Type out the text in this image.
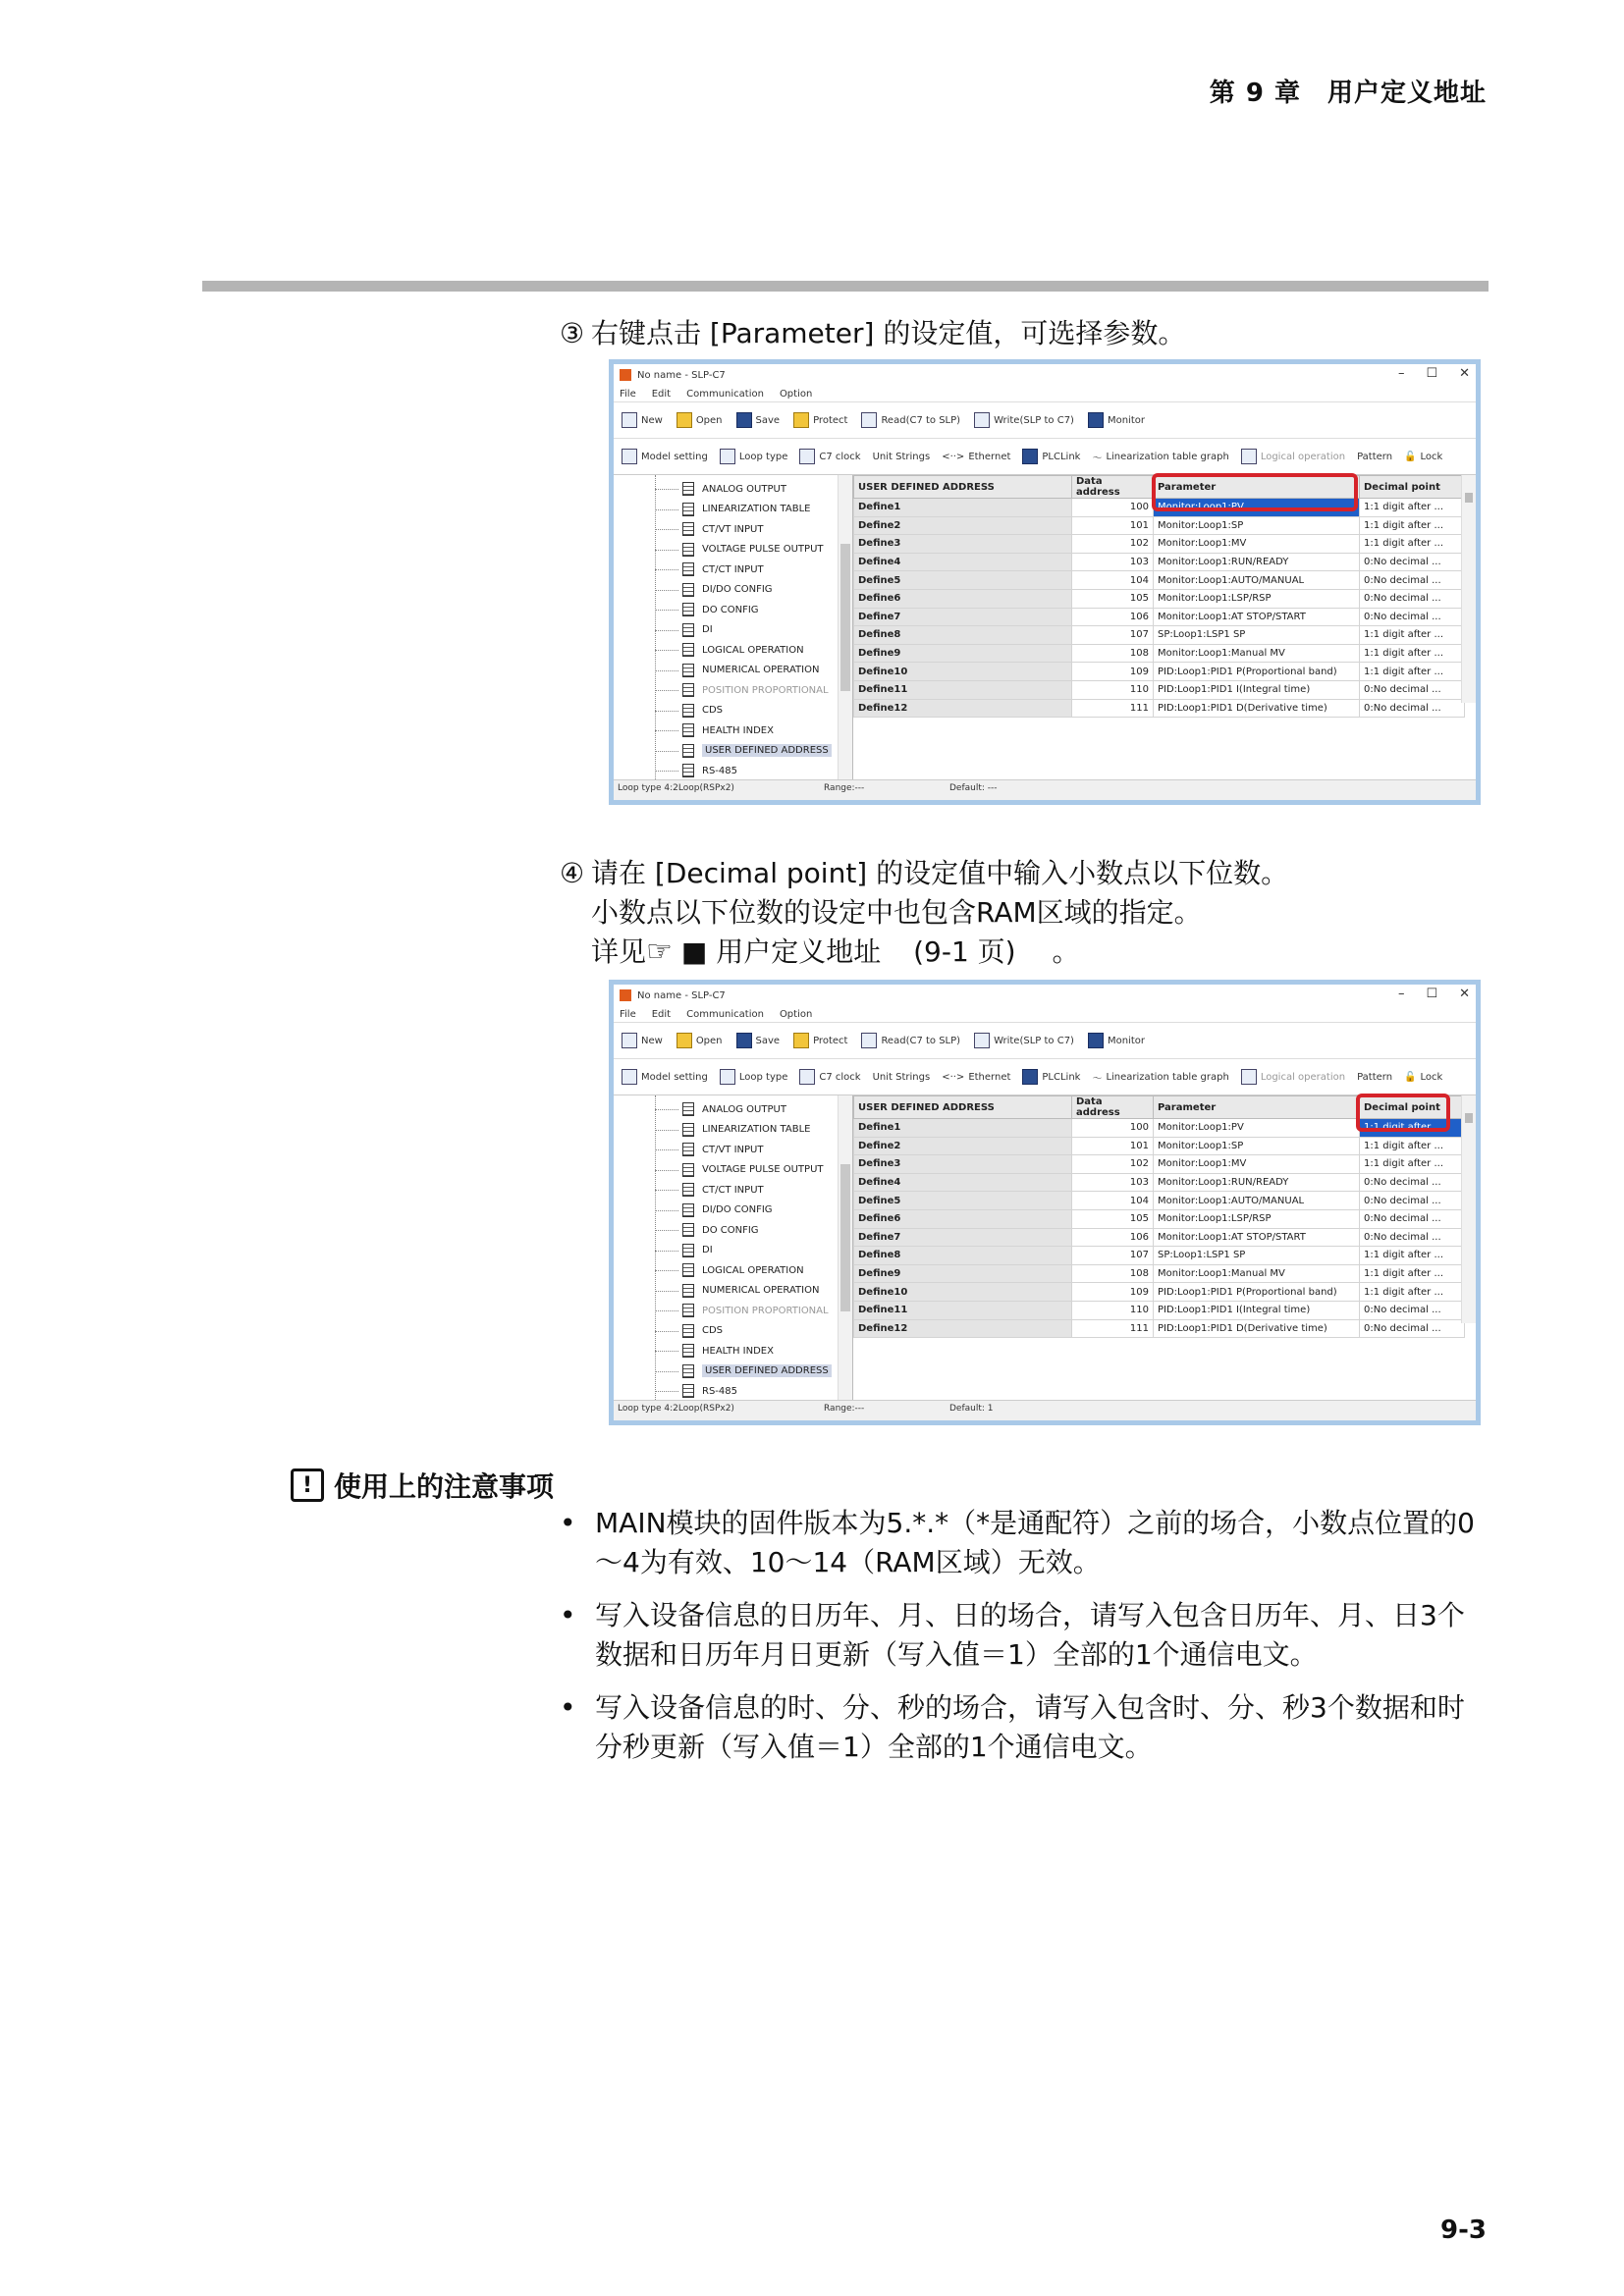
第 9 章　用户定义地址
③ 右键点击 [Parameter] 的设定值，可选择参数。
No name - SLP-C7	– ☐ ✕
File Edit Communication Option
New	Open	Save	Protect	Read(C7 to SLP)	Write(SLP to C7)	Monitor
Model setting	Loop type	C7 clock Unit Strings <··> Ethernet	PLCLink 〜 Linearization table graph	Logical operation Pattern 🔓 Lock
ANALOG OUTPUT
LINEARIZATION TABLE
CT/VT INPUT
VOLTAGE PULSE OUTPUT
CT/CT INPUT
DI/DO CONFIG
DO CONFIG
DI
LOGICAL OPERATION
NUMERICAL OPERATION
POSITION PROPORTIONAL
CDS
HEALTH INDEX
USER DEFINED ADDRESS
RS-485
USER DEFINED ADDRESS	Data address	Parameter	Decimal point
Define1	100	Monitor:Loop1:PV	1:1 digit after ...
Define2	101	Monitor:Loop1:SP	1:1 digit after ...
Define3	102	Monitor:Loop1:MV	1:1 digit after ...
Define4	103	Monitor:Loop1:RUN/READY	0:No decimal ...
Define5	104	Monitor:Loop1:AUTO/MANUAL	0:No decimal ...
Define6	105	Monitor:Loop1:LSP/RSP	0:No decimal ...
Define7	106	Monitor:Loop1:AT STOP/START	0:No decimal ...
Define8	107	SP:Loop1:LSP1 SP	1:1 digit after ...
Define9	108	Monitor:Loop1:Manual MV	1:1 digit after ...
Define10	109	PID:Loop1:PID1 P(Proportional band)	1:1 digit after ...
Define11	110	PID:Loop1:PID1 I(Integral time)	0:No decimal ...
Define12	111	PID:Loop1:PID1 D(Derivative time)	0:No decimal ...
Loop type 4:2Loop(RSPx2)	Range:---	Default: ---
④ 请在 [Decimal point] 的设定值中输入小数点以下位数。
小数点以下位数的设定中也包含RAM区域的指定。
详见☞ ■ 用户定义地址 (9-1 页) 。
No name - SLP-C7	– ☐ ✕
File Edit Communication Option
New	Open	Save	Protect	Read(C7 to SLP)	Write(SLP to C7)	Monitor
Model setting	Loop type	C7 clock Unit Strings <··> Ethernet	PLCLink 〜 Linearization table graph	Logical operation Pattern 🔓 Lock
ANALOG OUTPUT
LINEARIZATION TABLE
CT/VT INPUT
VOLTAGE PULSE OUTPUT
CT/CT INPUT
DI/DO CONFIG
DO CONFIG
DI
LOGICAL OPERATION
NUMERICAL OPERATION
POSITION PROPORTIONAL
CDS
HEALTH INDEX
USER DEFINED ADDRESS
RS-485
USER DEFINED ADDRESS	Data address	Parameter	Decimal point
Define1	100	Monitor:Loop1:PV	1:1 digit after
Define2	101	Monitor:Loop1:SP	1:1 digit after ...
Define3	102	Monitor:Loop1:MV	1:1 digit after ...
Define4	103	Monitor:Loop1:RUN/READY	0:No decimal ...
Define5	104	Monitor:Loop1:AUTO/MANUAL	0:No decimal ...
Define6	105	Monitor:Loop1:LSP/RSP	0:No decimal ...
Define7	106	Monitor:Loop1:AT STOP/START	0:No decimal ...
Define8	107	SP:Loop1:LSP1 SP	1:1 digit after ...
Define9	108	Monitor:Loop1:Manual MV	1:1 digit after ...
Define10	109	PID:Loop1:PID1 P(Proportional band)	1:1 digit after ...
Define11	110	PID:Loop1:PID1 I(Integral time)	0:No decimal ...
Define12	111	PID:Loop1:PID1 D(Derivative time)	0:No decimal ...
Loop type 4:2Loop(RSPx2)	Range:---	Default: 1
! 使用上的注意事项
• MAIN模块的固件版本为5.*.*（*是通配符）之前的场合，小数点位置的0
～4为有效、10～14（RAM区域）无效。
• 写入设备信息的日历年、月、日的场合，请写入包含日历年、月、日3个
数据和日历年月日更新（写入值＝1）全部的1个通信电文。
• 写入设备信息的时、分、秒的场合，请写入包含时、分、秒3个数据和时
分秒更新（写入值＝1）全部的1个通信电文。
9-3
